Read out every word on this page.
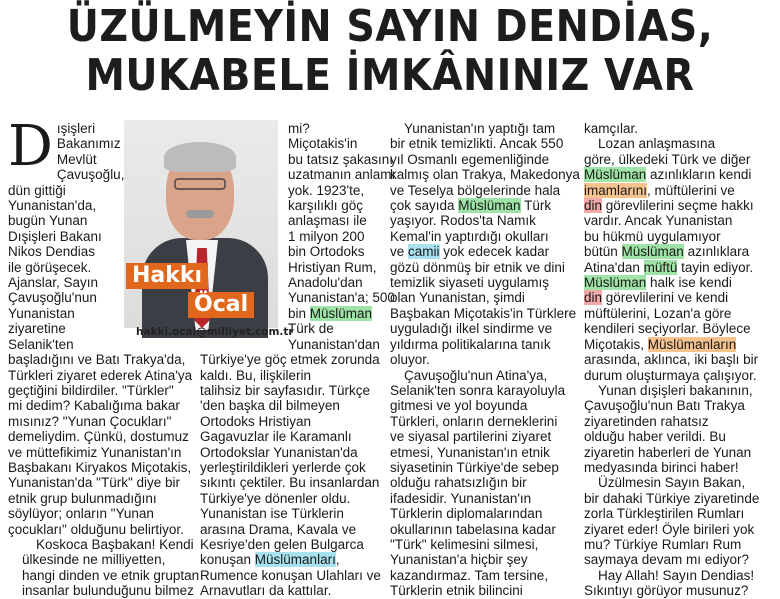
ÜZÜLMEYİN SAYIN DENDİAS,
MUKABELE İMKÂNINIZ VAR
Hakkı
Öcal
hakki.ocal@milliyet.com.tr
D ışişleri
Bakanımız
Mevlüt
Çavuşoğlu,
dün gittiği
Yunanistan'da,
bugün Yunan
Dışişleri Bakanı
Nikos Dendias
ile görüşecek.
Ajanslar, Sayın
Çavuşoğlu'nun
Yunanistan
ziyaretine
Selanik'ten
başladığını ve Batı Trakya'da,
Türkleri ziyaret ederek Atina'ya
geçtiğini bildirdiler. "Türkler"
mi dedim? Kabalığıma bakar
mısınız? "Yunan Çocukları"
demeliydim. Çünkü, dostumuz
ve müttefikimiz Yunanistan'ın
Başbakanı Kiryakos Miçotakis,
Yunanistan'da "Türk" diye bir
etnik grup bulunmadığını
söylüyor; onların "Yunan
çocukları" olduğunu belirtiyor.
Koskoca Başbakan! Kendi
ülkesinde ne milliyetten,
hangi dinden ve etnik gruptan
insanlar bulunduğunu bilmez
mi?
Miçotakis'in
bu tatsız şakasını
uzatmanın anlamı
yok. 1923'te,
karşılıklı göç
anlaşması ile
1 milyon 200
bin Ortodoks
Hristiyan Rum,
Anadolu'dan
Yunanistan'a; 500
bin Müslüman
Türk de
Yunanistan'dan
Türkiye'ye göç etmek zorunda
kaldı. Bu, ilişkilerin
talihsiz bir sayfasıdır. Türkçe
'den başka dil bilmeyen
Ortodoks Hristiyan
Gagavuzlar ile Karamanlı
Ortodokslar Yunanistan'da
yerleştirildikleri yerlerde çok
sıkıntı çektiler. Bu insanlardan
Türkiye'ye dönenler oldu.
Yunanistan ise Türklerin
arasına Drama, Kavala ve
Kesriye'den gelen Bulgarca
konuşan Müslümanları,
Rumence konuşan Ulahları ve
Arnavutları da kattılar.
Yunanistan'ın yaptığı tam
bir etnik temizlikti. Ancak 550
yıl Osmanlı egemenliğinde
kalmış olan Trakya, Makedonya
ve Teselya bölgelerinde hala
çok sayıda Müslüman Türk
yaşıyor. Rodos'ta Namık
Kemal'in yaptırdığı okulları
ve camii yok edecek kadar
gözü dönmüş bir etnik ve dini
temizlik siyaseti uygulamış
olan Yunanistan, şimdi
Başbakan Miçotakis'in Türklere
uyguladığı ilkel sindirme ve
yıldırma politikalarına tanık
oluyor.
Çavuşoğlu'nun Atina'ya,
Selanik'ten sonra karayoluyla
gitmesi ve yol boyunda
Türkleri, onların derneklerini
ve siyasal partilerini ziyaret
etmesi, Yunanistan'ın etnik
siyasetinin Türkiye'de sebep
olduğu rahatsızlığın bir
ifadesidir. Yunanistan'ın
Türklerin diplomalarından
okullarının tabelasına kadar
"Türk" kelimesini silmesi,
Yunanistan'a hiçbir şey
kazandırmaz. Tam tersine,
Türklerin etnik bilincini
kamçılar.
Lozan anlaşmasına
göre, ülkedeki Türk ve diğer
Müslüman azınlıkların kendi
imamlarını, müftülerini ve
din görevlilerini seçme hakkı
vardır. Ancak Yunanistan
bu hükmü uygulamıyor
bütün Müslüman azınlıklara
Atina'dan müftü tayin ediyor.
Müslüman halk ise kendi
din görevlilerini ve kendi
müftülerini, Lozan'a göre
kendileri seçiyorlar. Böylece
Miçotakis, Müslümanların
arasında, aklınca, iki başlı bir
durum oluşturmaya çalışıyor.
Yunan dışişleri bakanının,
Çavuşoğlu'nun Batı Trakya
ziyaretinden rahatsız
olduğu haber verildi. Bu
ziyaretin haberleri de Yunan
medyasında birinci haber!
Üzülmesin Sayın Bakan,
bir dahaki Türkiye ziyaretinde
zorla Türkleştirilen Rumları
ziyaret eder! Öyle birileri yok
mu? Türkiye Rumları Rum
saymaya devam mı ediyor?
Hay Allah! Sayın Dendias!
Sıkıntıyı görüyor musunuz?
